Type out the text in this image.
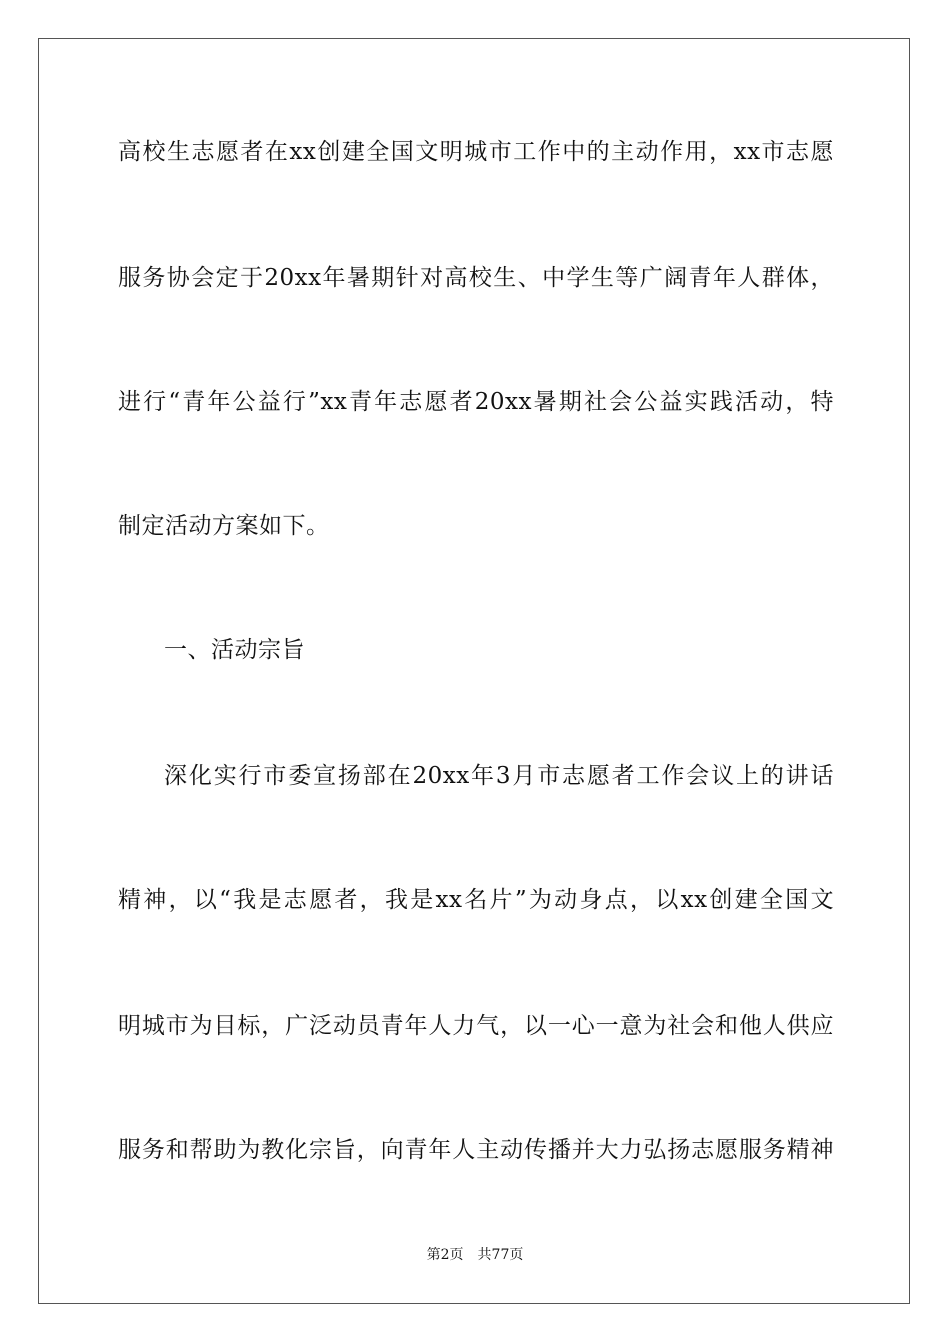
高校生志愿者在xx创建全国文明城市工作中的主动作用，xx市志愿
服务协会定于20xx年暑期针对高校生、中学生等广阔青年人群体，
进行“青年公益行”xx青年志愿者20xx暑期社会公益实践活动，特
制定活动方案如下。
一、活动宗旨
深化实行市委宣扬部在20xx年3月市志愿者工作会议上的讲话
精神，以“我是志愿者，我是xx名片”为动身点，以xx创建全国文
明城市为目标，广泛动员青年人力气，以一心一意为社会和他人供应
服务和帮助为教化宗旨，向青年人主动传播并大力弘扬志愿服务精神
第2页　共77页
